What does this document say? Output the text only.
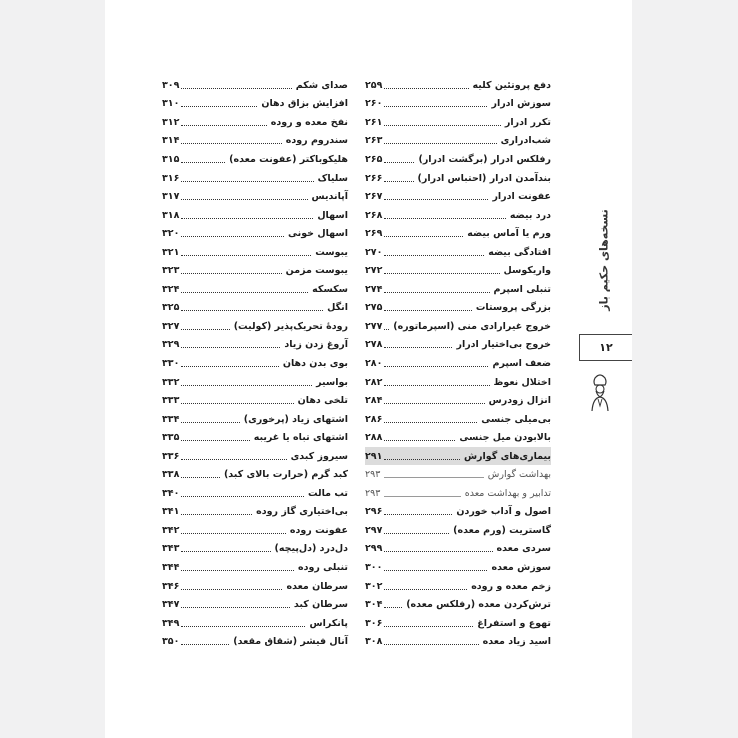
دفع پروتئین کلیه
۲۵۹
سوزش ادرار
۲۶۰
تکرر ادرار
۲۶۱
شب‌ادراری
۲۶۳
رفلکس ادرار (برگشت ادرار)
۲۶۵
بندآمدن ادرار (احتباس ادرار)
۲۶۶
عفونت ادرار
۲۶۷
درد بیضه
۲۶۸
ورم یا آماس بیضه
۲۶۹
افتادگی بیضه
۲۷۰
واریکوسل
۲۷۲
تنبلی اسپرم
۲۷۴
بزرگی پروستات
۲۷۵
خروج غیرارادی منی (اسپرماتوره)
۲۷۷
خروج بی‌اختیار ادرار
۲۷۸
ضعف اسپرم
۲۸۰
اختلال نعوظ
۲۸۲
انزال زودرس
۲۸۴
بی‌میلی جنسی
۲۸۶
بالابودن میل جنسی
۲۸۸
بیماری‌های گوارش
۲۹۱
بهداشت گوارش
۲۹۳
تدابیر و بهداشت معده
۲۹۳
اصول و آداب خوردن
۲۹۶
گاستریت (ورم معده)
۲۹۷
سردی معده
۲۹۹
سوزش معده
۳۰۰
زخم معده و روده
۳۰۲
ترش‌کردن معده (رفلکس معده)
۳۰۴
تهوع و استفراغ
۳۰۶
اسید زیاد معده
۳۰۸
صدای شکم
۳۰۹
افزایش بزاق دهان
۳۱۰
نفخ معده و روده
۳۱۲
سندروم روده
۳۱۴
هلیکوباکتر (عفونت معده)
۳۱۵
سلیاک
۳۱۶
آپاندیس
۳۱۷
اسهال
۳۱۸
اسهال خونی
۳۲۰
یبوست
۳۲۱
یبوست مزمن
۳۲۳
سکسکه
۳۲۴
انگل
۳۲۵
رودهٔ تحریک‌پذیر (کولیت)
۳۲۷
آروغ زدن زیاد
۳۲۹
بوی بدن دهان
۳۳۰
بواسیر
۳۳۲
تلخی دهان
۳۳۳
اشتهای زیاد (پرخوری)
۳۳۴
اشتهای تباه یا غریبه
۳۳۵
سیروز کبدی
۳۳۶
کبد گرم (حرارت بالای کبد)
۳۳۸
تب مالت
۳۴۰
بی‌اختیاری گاز روده
۳۴۱
عفونت روده
۳۴۲
دل‌درد (دل‌پیچه)
۳۴۳
تنبلی روده
۳۴۴
سرطان معده
۳۴۶
سرطان کبد
۳۴۷
پانکراس
۳۴۹
آنال فیشر (شقاق مقعد)
۳۵۰
نسخه‌های حکیم باز
۱۲
